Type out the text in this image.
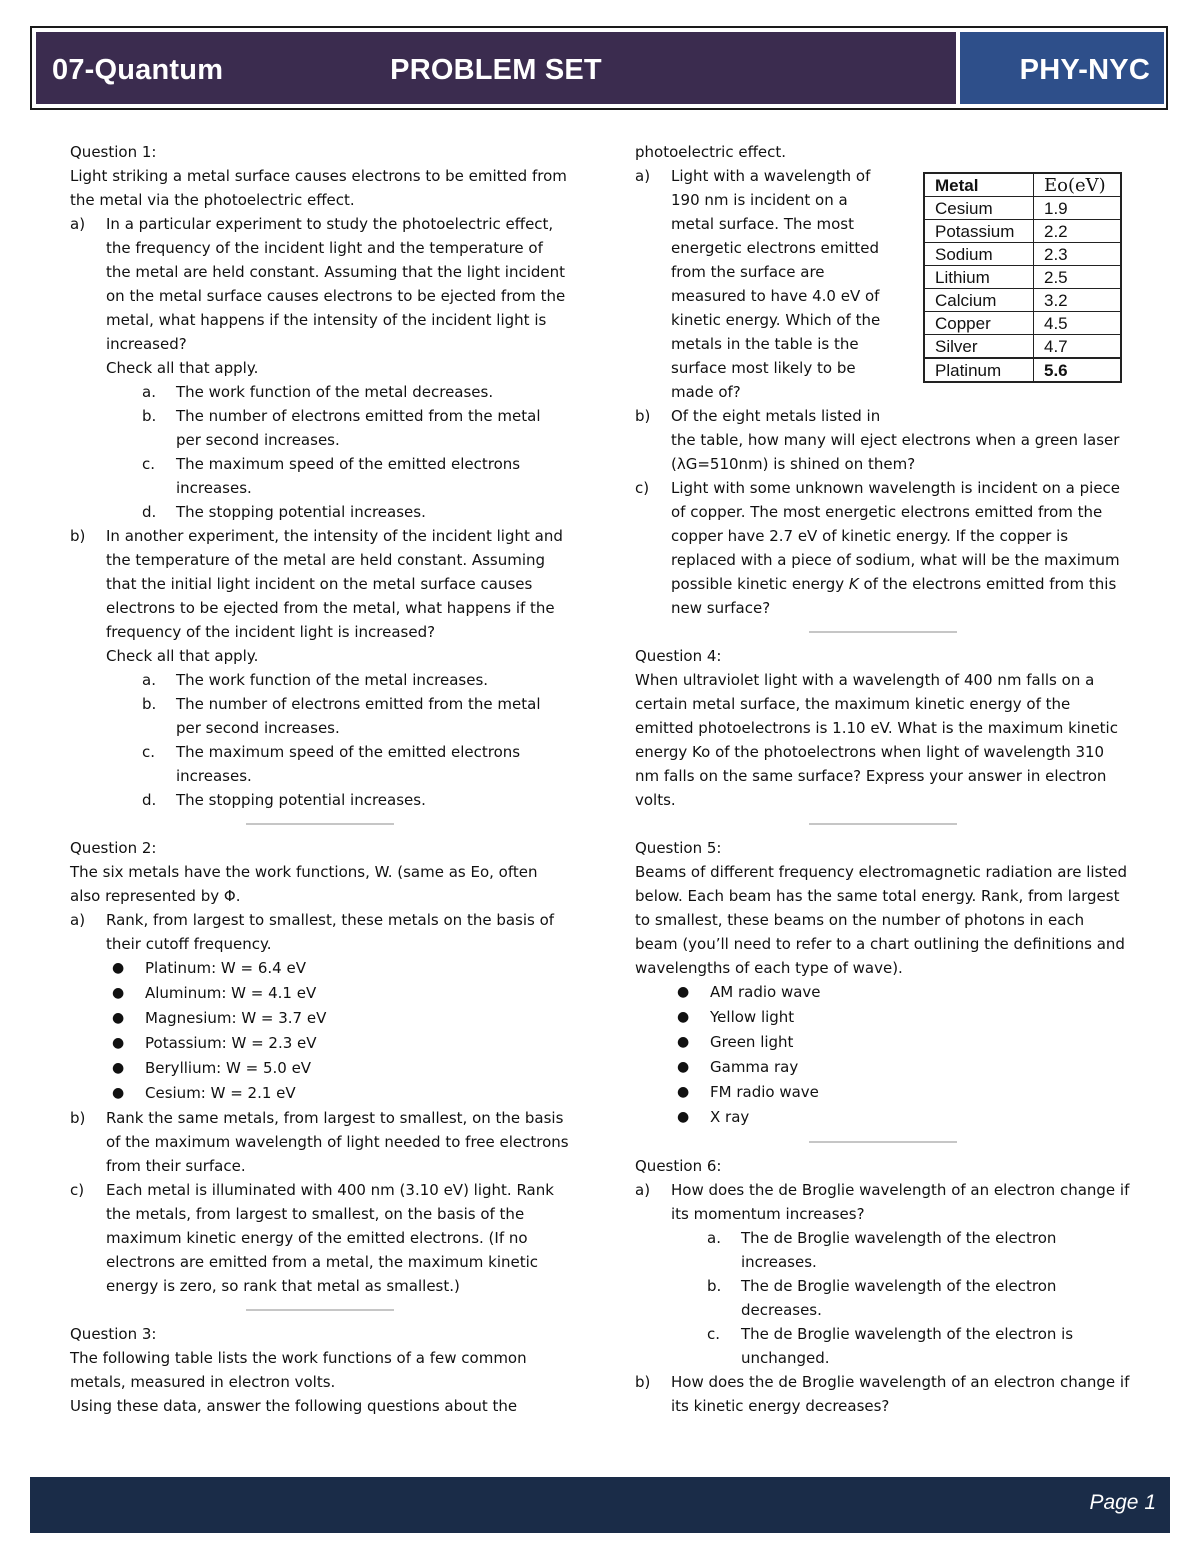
07-Quantum	PROBLEM SET	PHY-NYC

Question 1:

Light striking a metal surface causes electrons to be emitted from the metal via the photoelectric effect.

a) In a particular experiment to study the photoelectric effect, the frequency of the incident light and the temperature of the metal are held constant. Assuming that the light incident on the metal surface causes electrons to be ejected from the metal, what happens if the intensity of the incident light is increased?

Check all that apply.

a. The work function of the metal decreases.
b. The number of electrons emitted from the metal per second increases.
c. The maximum speed of the emitted electrons increases.
d. The stopping potential increases.
b) In another experiment, the intensity of the incident light and the temperature of the metal are held constant. Assuming that the initial light incident on the metal surface causes electrons to be ejected from the metal, what happens if the frequency of the incident light is increased?

Check all that apply.

a. The work function of the metal increases.
b. The number of electrons emitted from the metal per second increases.
c. The maximum speed of the emitted electrons increases.
d. The stopping potential increases.

Question 2:

The six metals have the work functions, W. (same as Eo, often also represented by Φ.

a) Rank, from largest to smallest, these metals on the basis of their cutoff frequency.
● Platinum: W = 6.4 eV
● Aluminum: W = 4.1 eV
● Magnesium: W = 3.7 eV
● Potassium: W = 2.3 eV
● Beryllium: W = 5.0 eV
● Cesium: W = 2.1 eV
b) Rank the same metals, from largest to smallest, on the basis of the maximum wavelength of light needed to free electrons from their surface.
c) Each metal is illuminated with 400 nm (3.10 eV) light. Rank the metals, from largest to smallest, on the basis of the maximum kinetic energy of the emitted electrons. (If no electrons are emitted from a metal, the maximum kinetic energy is zero, so rank that metal as smallest.)

Question 3:

The following table lists the work functions of a few common metals, measured in electron volts.

Using these data, answer the following questions about the

photoelectric effect.

a) Light with a wavelength of 190 nm is incident on a metal surface. The most energetic electrons emitted from the surface are measured to have 4.0 eV of kinetic energy. Which of the metals in the table is the surface most likely to be made of?
b) Of the eight metals listed in
the table, how many will eject electrons when a green laser (λG=510nm) is shined on them?
c) Light with some unknown wavelength is incident on a piece of copper. The most energetic electrons emitted from the copper have 2.7 eV of kinetic energy. If the copper is replaced with a piece of sodium, what will be the maximum possible kinetic energy K of the electrons emitted from this new surface?

Question 4:

When ultraviolet light with a wavelength of 400 nm falls on a certain metal surface, the maximum kinetic energy of the emitted photoelectrons is 1.10 eV. What is the maximum kinetic energy Ko of the photoelectrons when light of wavelength 310 nm falls on the same surface? Express your answer in electron volts.

Question 5:

Beams of different frequency electromagnetic radiation are listed below. Each beam has the same total energy. Rank, from largest to smallest, these beams on the number of photons in each beam (you’ll need to refer to a chart outlining the definitions and wavelengths of each type of wave).

● AM radio wave
● Yellow light
● Green light
● Gamma ray
● FM radio wave
● X ray

Question 6:

a) How does the de Broglie wavelength of an electron change if its momentum increases?
a. The de Broglie wavelength of the electron increases.
b. The de Broglie wavelength of the electron decreases.
c. The de Broglie wavelength of the electron is unchanged.
b) How does the de Broglie wavelength of an electron change if its kinetic energy decreases?
Metal	Eo(eV)
Cesium	1.9
Potassium	2.2
Sodium	2.3
Lithium	2.5
Calcium	3.2
Copper	4.5
Silver	4.7
Platinum	5.6
Page 1
